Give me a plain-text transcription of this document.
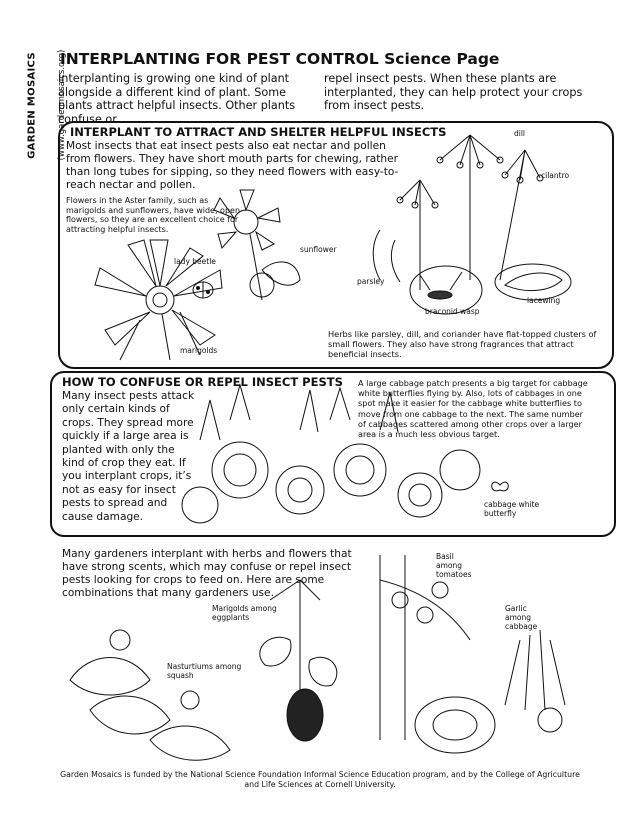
GARDEN MOSAICS (www.gardenmosaics.org)
INTERPLANTING FOR PEST CONTROL Science Page
Interplanting is growing one kind of plant alongside a different kind of plant. Some plants attract helpful insects. Other plants confuse or
repel insect pests. When these plants are interplanted, they can help protect your crops from insect pests.
INTERPLANT TO ATTRACT AND SHELTER HELPFUL INSECTS
Most insects that eat insect pests also eat nectar and pollen from flowers. They have short mouth parts for chewing, rather than long tubes for sipping, so they need flowers with easy-to-reach nectar and pollen.
Flowers in the Aster family, such as marigolds and sunflowers, have wide, open flowers, so they are an excellent choice for attracting helpful insects.
Herbs like parsley, dill, and coriander have flat-topped clusters of small flowers. They also have strong fragrances that attract beneficial insects.
dill
cilantro
sunflower
lady beetle
parsley
lacewing
braconid wasp
marigolds
HOW TO CONFUSE OR REPEL INSECT PESTS
Many insect pests attack only certain kinds of crops. They spread more quickly if a large area is planted with only the kind of crop they eat. If you interplant crops, it’s not as easy for insect pests to spread and cause damage.
A large cabbage patch presents a big target for cabbage white butterflies flying by. Also, lots of cabbages in one spot make it easier for the cabbage white butterflies to move from one cabbage to the next. The same number of cabbages scattered among other crops over a larger area is a much less obvious target.
cabbage white butterfly
Many gardeners interplant with herbs and flowers that have strong scents, which may confuse or repel insect pests looking for crops to feed on. Here are some combinations that many gardeners use.
Marigolds among eggplants
Basil among tomatoes
Garlic among cabbage
Nasturtiums among squash
Garden Mosaics is funded by the National Science Foundation Informal Science Education program, and by the College of Agriculture and Life Sciences at Cornell University.
